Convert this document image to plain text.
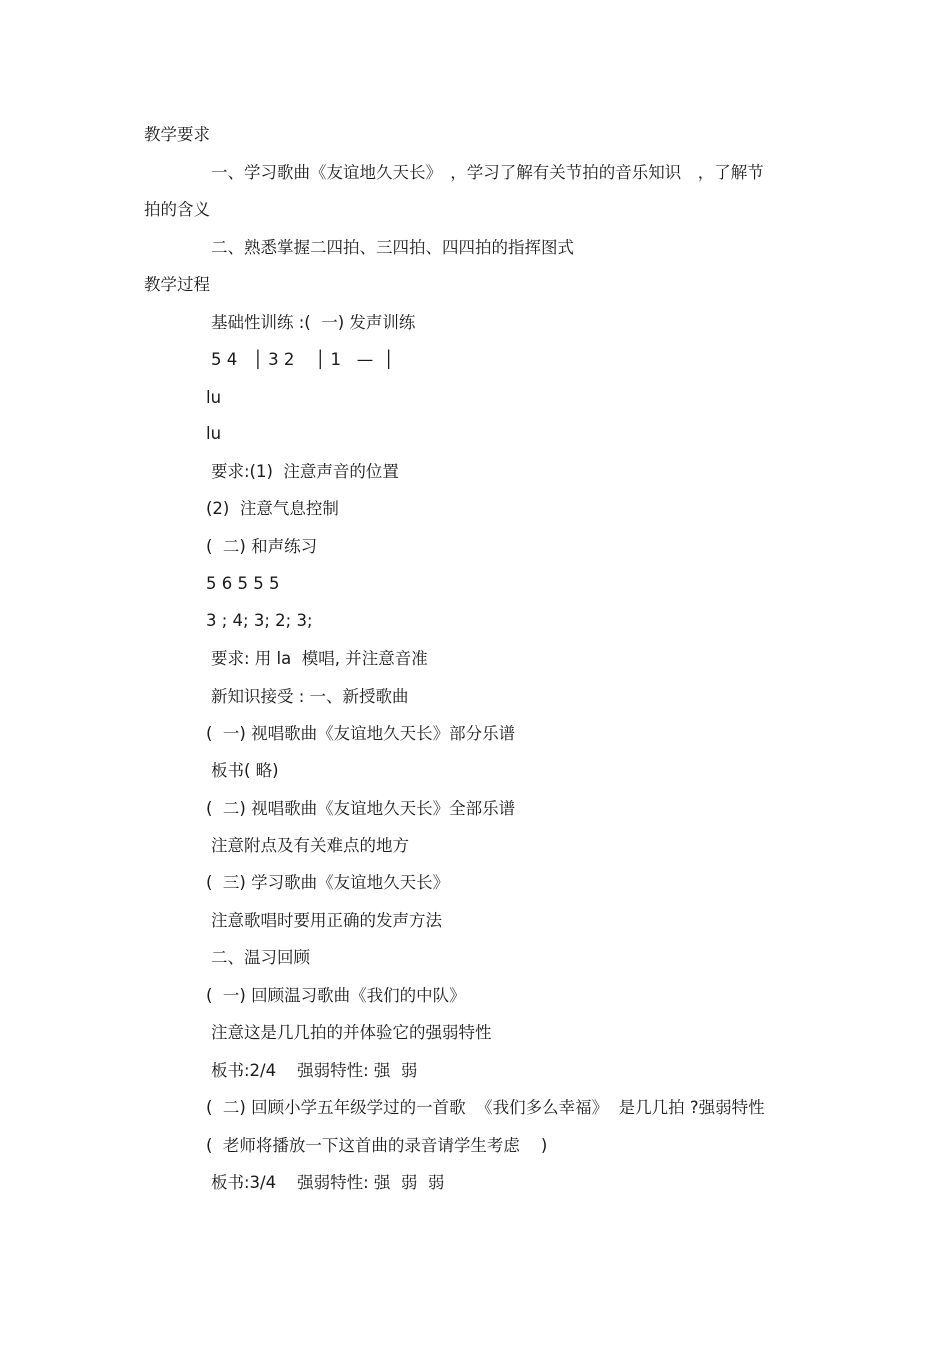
教学要求
一、学习歌曲《友谊地久天长》　，学习了解有关节拍的音乐知识　，了解节
拍的含义
二、熟悉掌握二四拍、三四拍、四四拍的指挥图式
教学过程
基础性训练 :(  一) 发声训练
5 4   │ 3 2    │ 1   —  │
lu
lu
要求:(1)  注意声音的位置
(2)  注意气息控制
(  二) 和声练习
5 6 5 5 5
3 ; 4; 3; 2; 3;
要求: 用 la  模唱, 并注意音准
新知识接受 : 一、新授歌曲
(  一) 视唱歌曲《友谊地久天长》部分乐谱
板书( 略)
(  二) 视唱歌曲《友谊地久天长》全部乐谱
注意附点及有关难点的地方
(  三) 学习歌曲《友谊地久天长》
注意歌唱时要用正确的发声方法
二、温习回顾
(  一) 回顾温习歌曲《我们的中队》
注意这是几几拍的并体验它的强弱特性
板书:2/4    强弱特性: 强  弱
(  二) 回顾小学五年级学过的一首歌  《我们多么幸福》  是几几拍 ?强弱特性
(  老师将播放一下这首曲的录音请学生考虑    )
板书:3/4    强弱特性: 强  弱  弱
